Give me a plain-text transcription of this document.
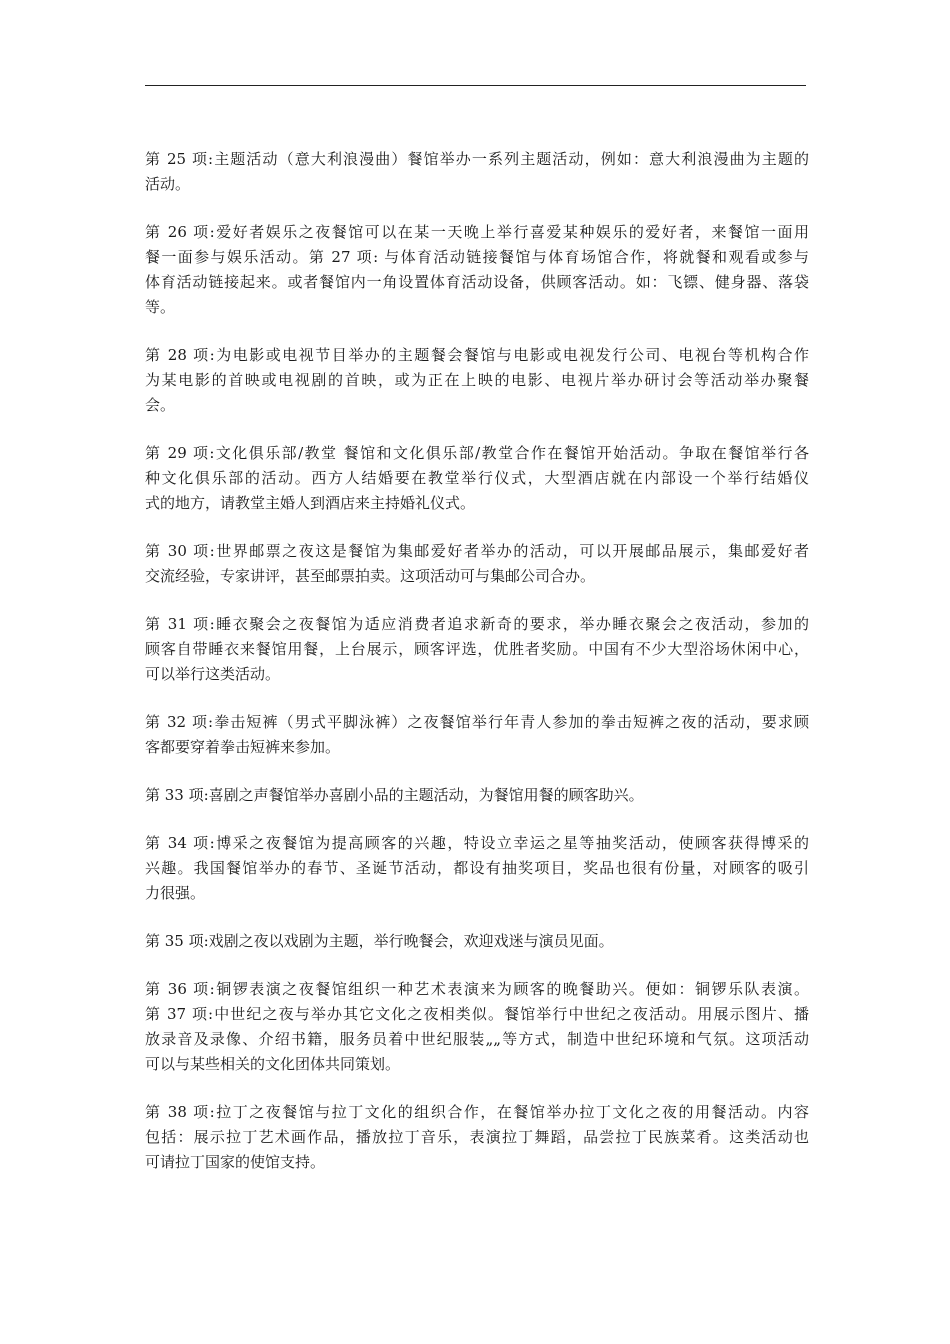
第 25 项:主题活动（意大利浪漫曲）餐馆举办一系列主题活动，例如：意大利浪漫曲为主题的
活动。

第 26 项:爱好者娱乐之夜餐馆可以在某一天晚上举行喜爱某种娱乐的爱好者，来餐馆一面用
餐一面参与娱乐活动。第 27 项: 与体育活动链接餐馆与体育场馆合作，将就餐和观看或参与
体育活动链接起来。或者餐馆内一角设置体育活动设备，供顾客活动。如：飞镖、健身器、落袋
等。

第 28 项:为电影或电视节目举办的主题餐会餐馆与电影或电视发行公司、电视台等机构合作
为某电影的首映或电视剧的首映，或为正在上映的电影、电视片举办研讨会等活动举办聚餐
会。

第 29 项:文化俱乐部/教堂 餐馆和文化俱乐部/教堂合作在餐馆开始活动。争取在餐馆举行各
种文化俱乐部的活动。西方人结婚要在教堂举行仪式，大型酒店就在内部设一个举行结婚仪
式的地方，请教堂主婚人到酒店来主持婚礼仪式。

第 30 项:世界邮票之夜这是餐馆为集邮爱好者举办的活动，可以开展邮品展示，集邮爱好者
交流经验，专家讲评，甚至邮票拍卖。这项活动可与集邮公司合办。

第 31 项:睡衣聚会之夜餐馆为适应消费者追求新奇的要求，举办睡衣聚会之夜活动，参加的
顾客自带睡衣来餐馆用餐，上台展示，顾客评选，优胜者奖励。中国有不少大型浴场休闲中心，
可以举行这类活动。

第 32 项:拳击短裤（男式平脚泳裤）之夜餐馆举行年青人参加的拳击短裤之夜的活动，要求顾
客都要穿着拳击短裤来参加。

第 33 项:喜剧之声餐馆举办喜剧小品的主题活动，为餐馆用餐的顾客助兴。

第 34 项:博采之夜餐馆为提高顾客的兴趣，特设立幸运之星等抽奖活动，使顾客获得博采的
兴趣。我国餐馆举办的春节、圣诞节活动，都设有抽奖项目，奖品也很有份量，对顾客的吸引
力很强。

第 35 项:戏剧之夜以戏剧为主题，举行晚餐会，欢迎戏迷与演员见面。

第 36 项:铜锣表演之夜餐馆组织一种艺术表演来为顾客的晚餐助兴。便如：铜锣乐队表演。
第 37 项:中世纪之夜与举办其它文化之夜相类似。餐馆举行中世纪之夜活动。用展示图片、播
放录音及录像、介绍书籍，服务员着中世纪服装„„等方式，制造中世纪环境和气氛。这项活动
可以与某些相关的文化团体共同策划。

第 38 项:拉丁之夜餐馆与拉丁文化的组织合作，在餐馆举办拉丁文化之夜的用餐活动。内容
包括：展示拉丁艺术画作品，播放拉丁音乐，表演拉丁舞蹈，品尝拉丁民族菜肴。这类活动也
可请拉丁国家的使馆支持。
